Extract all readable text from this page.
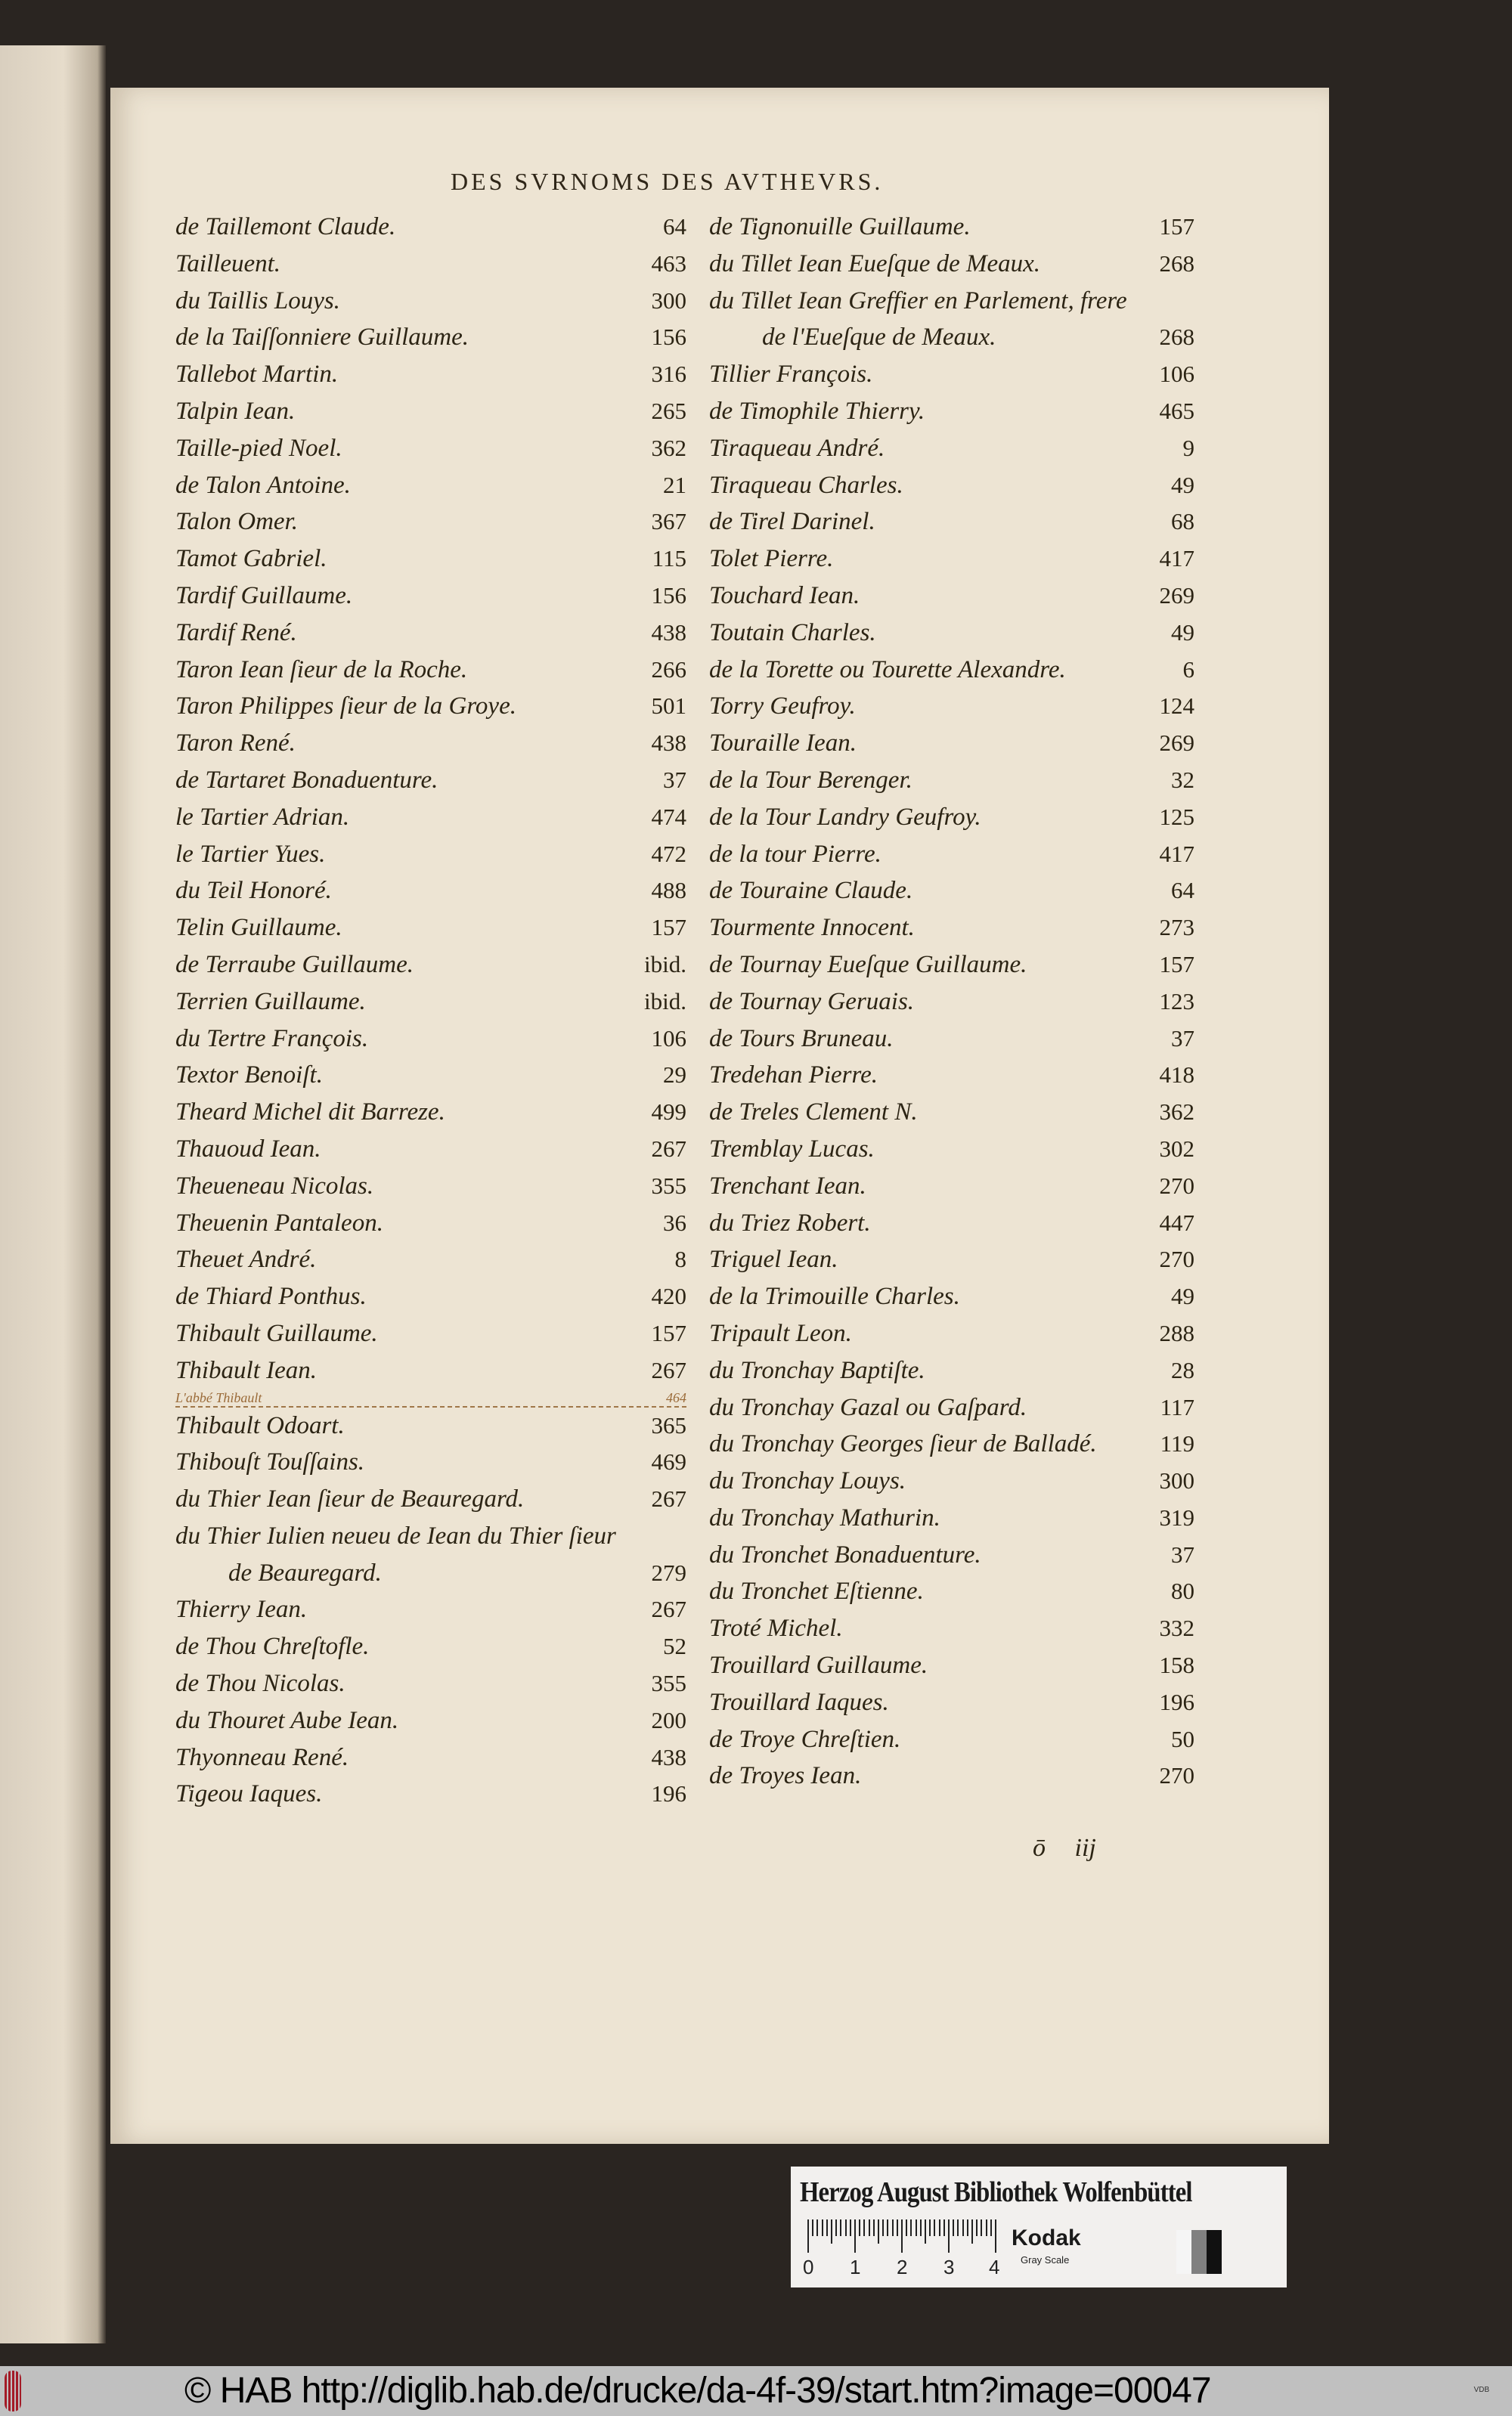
DES SVRNOMS DES AVTHEVRS.
de Taillemont Claude.	64
Tailleuent.	463
du Taillis Louys.	300
de la Taiſſonniere Guillaume.	156
Tallebot Martin.	316
Talpin Iean.	265
Taille-pied Noel.	362
de Talon Antoine.	21
Talon Omer.	367
Tamot Gabriel.	115
Tardif Guillaume.	156
Tardif René.	438
Taron Iean ſieur de la Roche.	266
Taron Philippes ſieur de la Groye.	501
Taron René.	438
de Tartaret Bonaduenture.	37
le Tartier Adrian.	474
le Tartier Yues.	472
du Teil Honoré.	488
Telin Guillaume.	157
de Terraube Guillaume.	ibid.
Terrien Guillaume.	ibid.
du Tertre François.	106
Textor Benoiſt.	29
Theard Michel dit Barreze.	499
Thauoud Iean.	267
Theueneau Nicolas.	355
Theuenin Pantaleon.	36
Theuet André.	8
de Thiard Ponthus.	420
Thibault Guillaume.	157
Thibault Iean.	267
L'abbé Thibault	464
Thibault Odoart.	365
Thibouſt Touſſains.	469
du Thier Iean ſieur de Beauregard.	267
du Thier Iulien neueu de Iean du Thier ſieur
de Beauregard.	279
Thierry Iean.	267
de Thou Chreſtofle.	52
de Thou Nicolas.	355
du Thouret Aube Iean.	200
Thyonneau René.	438
Tigeou Iaques.	196
de Tignonuille Guillaume.	157
du Tillet Iean Eueſque de Meaux.	268
du Tillet Iean Greffier en Parlement, frere
de l'Eueſque de Meaux.	268
Tillier François.	106
de Timophile Thierry.	465
Tiraqueau André.	9
Tiraqueau Charles.	49
de Tirel Darinel.	68
Tolet Pierre.	417
Touchard Iean.	269
Toutain Charles.	49
de la Torette ou Tourette Alexandre.	6
Torry Geufroy.	124
Touraille Iean.	269
de la Tour Berenger.	32
de la Tour Landry Geufroy.	125
de la tour Pierre.	417
de Touraine Claude.	64
Tourmente Innocent.	273
de Tournay Eueſque Guillaume.	157
de Tournay Geruais.	123
de Tours Bruneau.	37
Tredehan Pierre.	418
de Treles Clement N.	362
Tremblay Lucas.	302
Trenchant Iean.	270
du Triez Robert.	447
Triguel Iean.	270
de la Trimouille Charles.	49
Tripault Leon.	288
du Tronchay Baptiſte.	28
du Tronchay Gazal ou Gaſpard.	117
du Tronchay Georges ſieur de Balladé.	119
du Tronchay Louys.	300
du Tronchay Mathurin.	319
du Tronchet Bonaduenture.	37
du Tronchet Eſtienne.	80
Troté Michel.	332
Trouillard Guillaume.	158
Trouillard Iaques.	196
de Troye Chreſtien.	50
de Troyes Iean.	270
ō iij
Herzog August Bibliothek Wolfenbüttel
0 1 2 3 4
Kodak
Gray Scale
© HAB http://diglib.hab.de/drucke/da-4f-39/start.htm?image=00047	VDB
